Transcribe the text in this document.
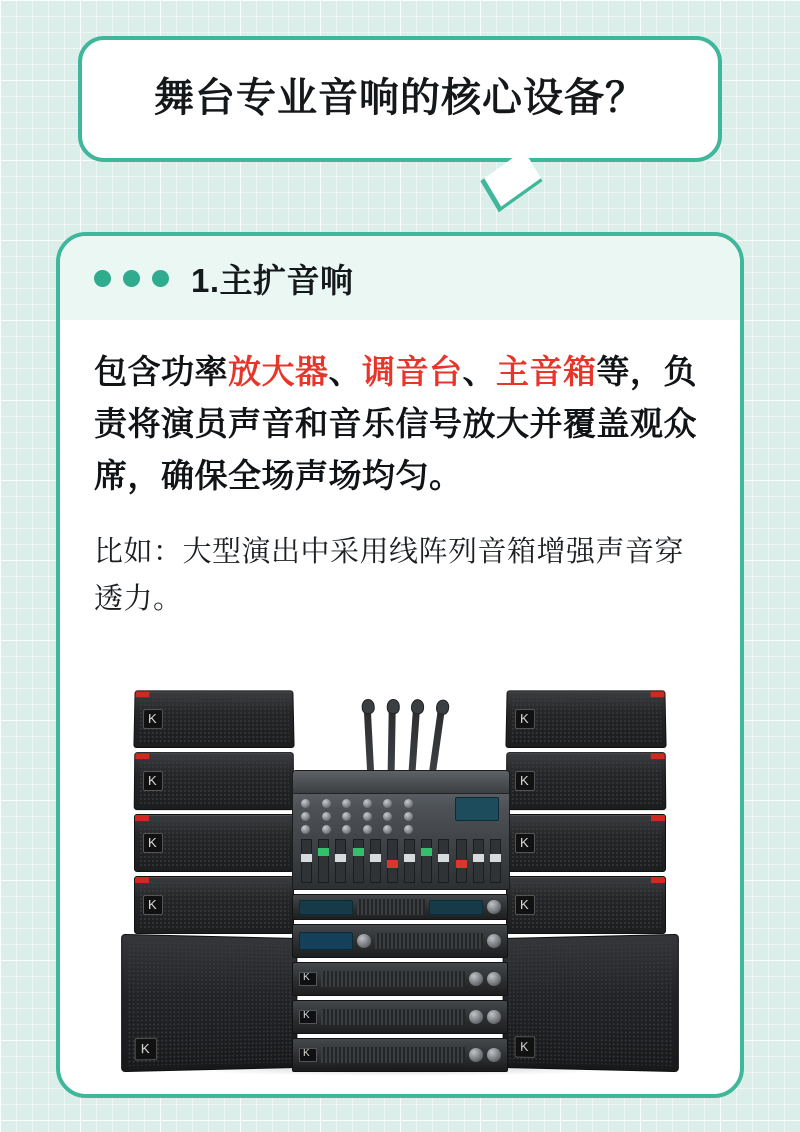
舞台专业音响的核心设备？
1.主扩音响
包含功率放大器、调音台、主音箱等，负责将演员声音和音乐信号放大并覆盖观众席，确保全场声场均匀。
比如：大型演出中采用线阵列音箱增强声音穿透力。
K
K
K
K
K
K
K
K
K
K
K
K
K
